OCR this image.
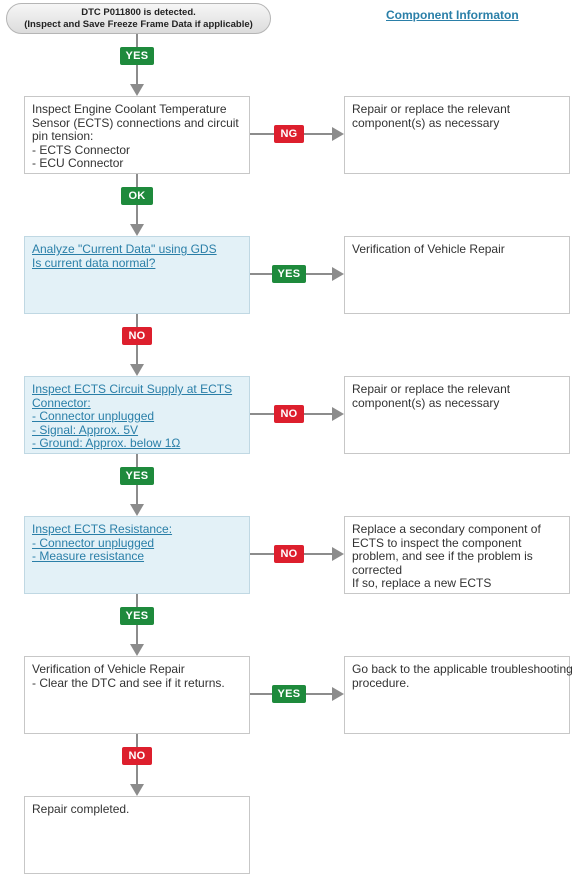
DTC P011800 is detected.
(Inspect and Save Freeze Frame Data if applicable)
Component Informaton
Inspect Engine Coolant Temperature
Sensor (ECTS) connections and circuit
pin tension:
- ECTS Connector
- ECU Connector
Analyze "Current Data" using GDS
Is current data normal?
Inspect ECTS Circuit Supply at ECTS
Connector:
- Connector unplugged
- Signal: Approx. 5V
- Ground: Approx. below 1Ω
Inspect ECTS Resistance:
- Connector unplugged
- Measure resistance
Verification of Vehicle Repair
- Clear the DTC and see if it returns.
Repair completed.
Repair or replace the relevant
component(s) as necessary
Verification of Vehicle Repair
Repair or replace the relevant
component(s) as necessary
Replace a secondary component of
ECTS to inspect the component
problem, and see if the problem is
corrected
If so, replace a new ECTS
Go back to the applicable troubleshooting
procedure.
YES
OK
NO
YES
YES
NO
NG
YES
NO
NO
YES
